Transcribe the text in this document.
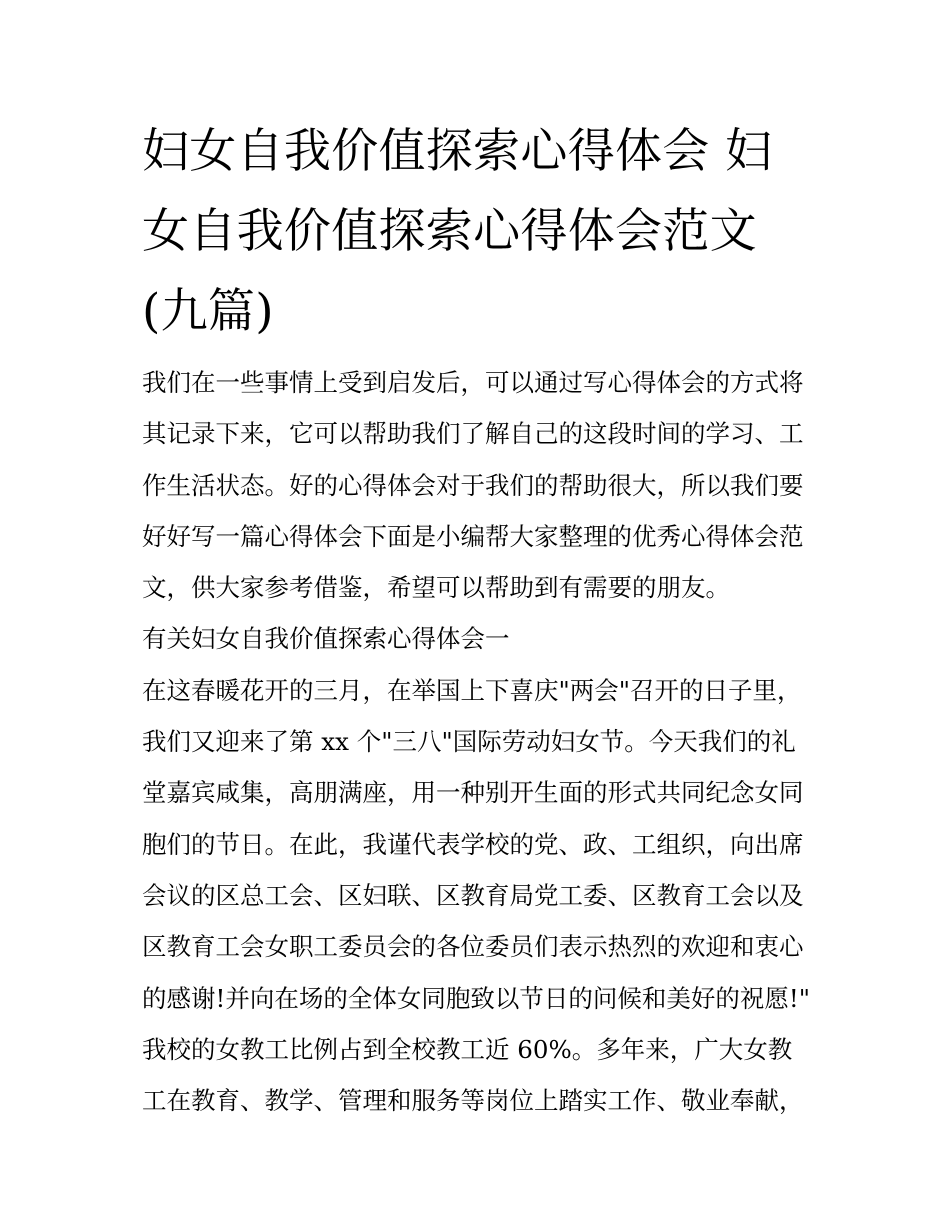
妇女自我价值探索心得体会 妇
女自我价值探索心得体会范文
(九篇)
我们在一些事情上受到启发后，可以通过写心得体会的方式将
其记录下来，它可以帮助我们了解自己的这段时间的学习、工
作生活状态。好的心得体会对于我们的帮助很大，所以我们要
好好写一篇心得体会下面是小编帮大家整理的优秀心得体会范
文，供大家参考借鉴，希望可以帮助到有需要的朋友。
有关妇女自我价值探索心得体会一
在这春暖花开的三月，在举国上下喜庆"两会"召开的日子里，
我们又迎来了第 xx 个"三八"国际劳动妇女节。今天我们的礼
堂嘉宾咸集，高朋满座，用一种别开生面的形式共同纪念女同
胞们的节日。在此，我谨代表学校的党、政、工组织，向出席
会议的区总工会、区妇联、区教育局党工委、区教育工会以及
区教育工会女职工委员会的各位委员们表示热烈的欢迎和衷心
的感谢!并向在场的全体女同胞致以节日的问候和美好的祝愿!"
我校的女教工比例占到全校教工近 60%。多年来，广大女教
工在教育、教学、管理和服务等岗位上踏实工作、敬业奉献，
